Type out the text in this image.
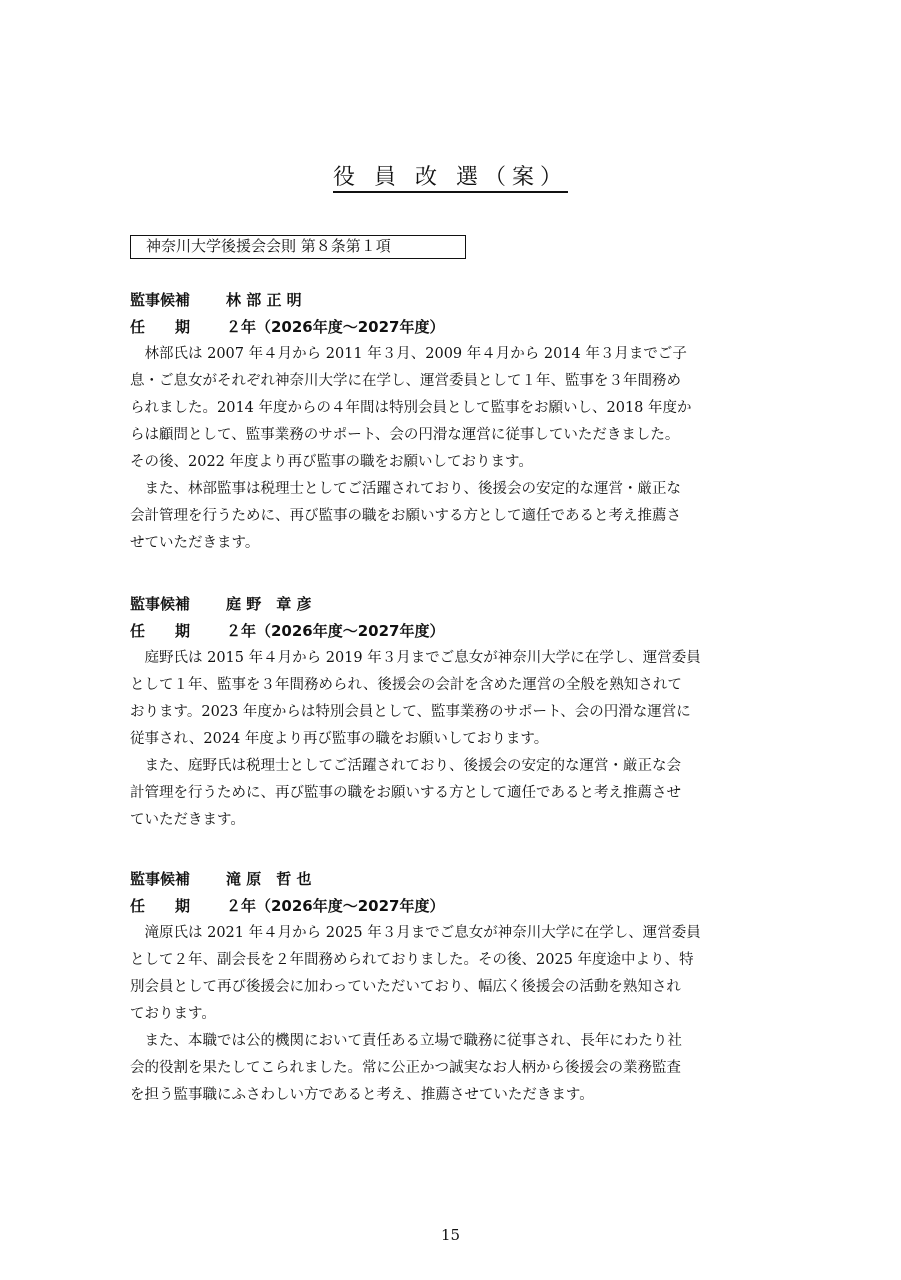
役 員 改 選（案）
神奈川大学後援会会則 第８条第１項
監事候補 林 部 正 明
任　　期 ２年（2026年度～2027年度）
　林部氏は 2007 年４月から 2011 年３月、2009 年４月から 2014 年３月までご子
息・ご息女がそれぞれ神奈川大学に在学し、運営委員として１年、監事を３年間務め
られました。2014 年度からの４年間は特別会員として監事をお願いし、2018 年度か
らは顧問として、監事業務のサポート、会の円滑な運営に従事していただきました。
その後、2022 年度より再び監事の職をお願いしております。
　また、林部監事は税理士としてご活躍されており、後援会の安定的な運営・厳正な
会計管理を行うために、再び監事の職をお願いする方として適任であると考え推薦さ
せていただきます。
監事候補 庭 野　章 彦
任　　期 ２年（2026年度～2027年度）
　庭野氏は 2015 年４月から 2019 年３月までご息女が神奈川大学に在学し、運営委員
として１年、監事を３年間務められ、後援会の会計を含めた運営の全般を熟知されて
おります。2023 年度からは特別会員として、監事業務のサポート、会の円滑な運営に
従事され、2024 年度より再び監事の職をお願いしております。
　また、庭野氏は税理士としてご活躍されており、後援会の安定的な運営・厳正な会
計管理を行うために、再び監事の職をお願いする方として適任であると考え推薦させ
ていただきます。
監事候補 滝 原　哲 也
任　　期 ２年（2026年度～2027年度）
　滝原氏は 2021 年４月から 2025 年３月までご息女が神奈川大学に在学し、運営委員
として２年、副会長を２年間務められておりました。その後、2025 年度途中より、特
別会員として再び後援会に加わっていただいており、幅広く後援会の活動を熟知され
ております。
　また、本職では公的機関において責任ある立場で職務に従事され、長年にわたり社
会的役割を果たしてこられました。常に公正かつ誠実なお人柄から後援会の業務監査
を担う監事職にふさわしい方であると考え、推薦させていただきます。
15
